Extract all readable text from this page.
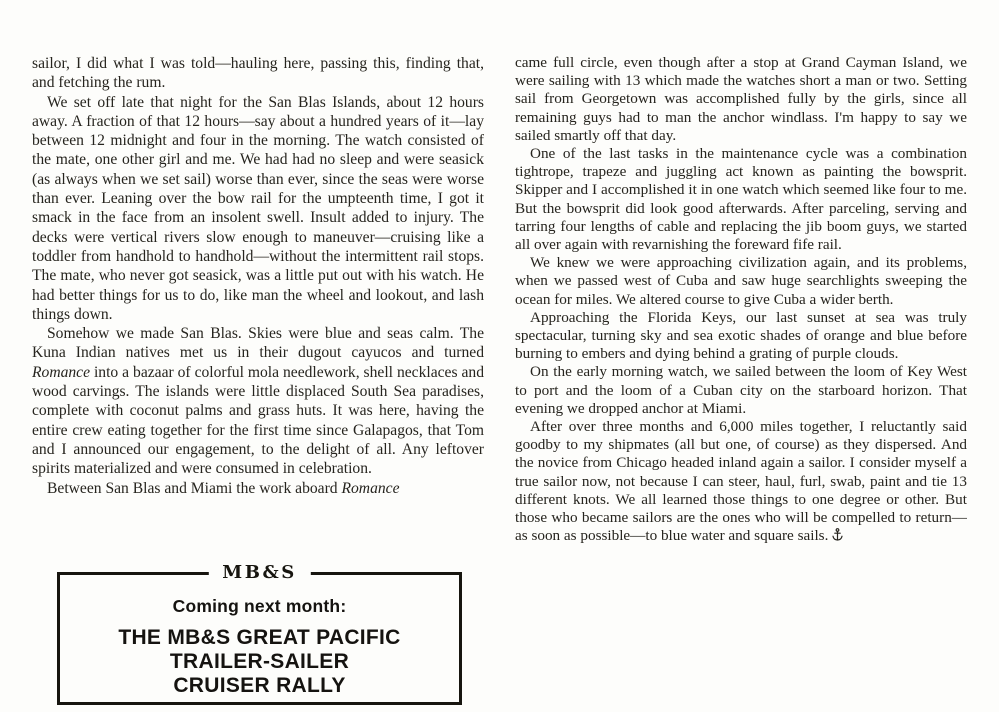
sailor, I did what I was told—hauling here, passing this, finding that, and fetching the rum.

We set off late that night for the San Blas Islands, about 12 hours away. A fraction of that 12 hours—say about a hundred years of it—lay between 12 midnight and four in the morning. The watch consisted of the mate, one other girl and me. We had had no sleep and were seasick (as always when we set sail) worse than ever, since the seas were worse than ever. Leaning over the bow rail for the umpteenth time, I got it smack in the face from an insolent swell. Insult added to injury. The decks were vertical rivers slow enough to maneuver—cruising like a toddler from handhold to handhold—without the intermittent rail stops. The mate, who never got seasick, was a little put out with his watch. He had better things for us to do, like man the wheel and lookout, and lash things down.

Somehow we made San Blas. Skies were blue and seas calm. The Kuna Indian natives met us in their dugout cayucos and turned Romance into a bazaar of colorful mola needlework, shell necklaces and wood carvings. The islands were little displaced South Sea paradises, complete with coconut palms and grass huts. It was here, having the entire crew eating together for the first time since Galapagos, that Tom and I announced our engagement, to the delight of all. Any leftover spirits materialized and were consumed in celebration.

Between San Blas and Miami the work aboard Romance

came full circle, even though after a stop at Grand Cayman Island, we were sailing with 13 which made the watches short a man or two. Setting sail from Georgetown was accomplished fully by the girls, since all remaining guys had to man the anchor windlass. I'm happy to say we sailed smartly off that day.

One of the last tasks in the maintenance cycle was a combination tightrope, trapeze and juggling act known as painting the bowsprit. Skipper and I accomplished it in one watch which seemed like four to me. But the bowsprit did look good afterwards. After parceling, serving and tarring four lengths of cable and replacing the jib boom guys, we started all over again with revarnishing the foreward fife rail.

We knew we were approaching civilization again, and its problems, when we passed west of Cuba and saw huge searchlights sweeping the ocean for miles. We altered course to give Cuba a wider berth.

Approaching the Florida Keys, our last sunset at sea was truly spectacular, turning sky and sea exotic shades of orange and blue before burning to embers and dying behind a grating of purple clouds.

On the early morning watch, we sailed between the loom of Key West to port and the loom of a Cuban city on the starboard horizon. That evening we dropped anchor at Miami.

After over three months and 6,000 miles together, I reluctantly said goodby to my shipmates (all but one, of course) as they dispersed. And the novice from Chicago headed inland again a sailor. I consider myself a true sailor now, not because I can steer, haul, furl, swab, paint and tie 13 different knots. We all learned those things to one degree or other. But those who became sailors are the ones who will be compelled to return—as soon as possible—to blue water and square sails.

MB&S
Coming next month:
THE MB&S GREAT PACIFIC
TRAILER-SAILER
CRUISER RALLY
